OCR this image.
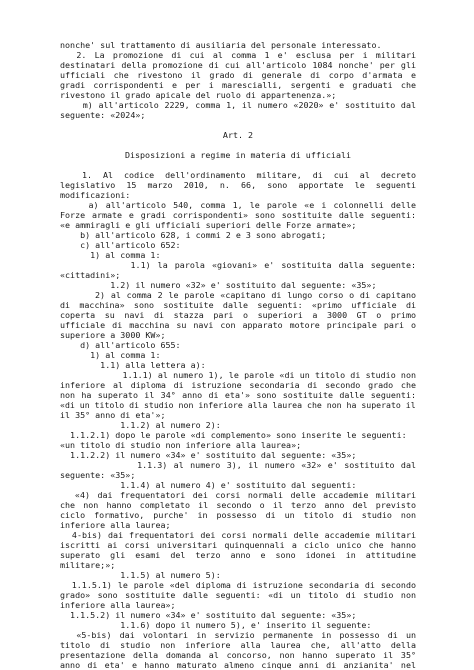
nonche' sul trattamento di ausiliaria del personale interessato.
2. La promozione di cui al comma 1 e' esclusa per i militari
destinatari della promozione di cui all'articolo 1084 nonche' per gli
ufficiali che rivestono il grado di generale di corpo d'armata e
gradi corrispondenti e per i marescialli, sergenti e graduati che
rivestono il grado apicale del ruolo di appartenenza.»;
m) all'articolo 2229, comma 1, il numero «2020» e' sostituito dal
seguente: «2024»;
Art. 2
Disposizioni a regime in materia di ufficiali
1. Al codice dell'ordinamento militare, di cui al decreto
legislativo 15 marzo 2010, n. 66, sono apportate le seguenti
modificazioni:
a) all'articolo 540, comma 1, le parole «e i colonnelli delle
Forze armate e gradi corrispondenti» sono sostituite dalle seguenti:
«e ammiragli e gli ufficiali superiori delle Forze armate»;
b) all'articolo 628, i commi 2 e 3 sono abrogati;
c) all'articolo 652:
1) al comma 1:
1.1) la parola «giovani» e' sostituita dalla seguente:
«cittadini»;
1.2) il numero «32» e' sostituito dal seguente: «35»;
2) al comma 2 le parole «capitano di lungo corso o di capitano
di macchina» sono sostituite dalle seguenti: «primo ufficiale di
coperta su navi di stazza pari o superiori a 3000 GT o primo
ufficiale di macchina su navi con apparato motore principale pari o
superiore a 3000 KW»;
d) all'articolo 655:
1) al comma 1:
1.1) alla lettera a):
1.1.1) al numero 1), le parole «di un titolo di studio non
inferiore al diploma di istruzione secondaria di secondo grado che
non ha superato il 34° anno di eta'» sono sostituite dalle seguenti:
«di un titolo di studio non inferiore alla laurea che non ha superato il
il 35° anno di eta'»;
1.1.2) al numero 2):
1.1.2.1) dopo le parole «di complemento» sono inserite le seguenti:
«un titolo di studio non inferiore alla laurea»;
1.1.2.2) il numero «34» e' sostituito dal seguente: «35»;
1.1.3) al numero 3), il numero «32» e' sostituito dal
seguente: «35»;
1.1.4) al numero 4) e' sostituito dal seguenti:
«4) dai frequentatori dei corsi normali delle accademie militari
che non hanno completato il secondo o il terzo anno del previsto
ciclo formativo, purche' in possesso di un titolo di studio non
inferiore alla laurea;
4-bis) dai frequentatori dei corsi normali delle accademie militari
iscritti ai corsi universitari quinquennali a ciclo unico che hanno
superato gli esami del terzo anno e sono idonei in attitudine
militare;»;
1.1.5) al numero 5):
1.1.5.1) le parole «del diploma di istruzione secondaria di secondo
grado» sono sostituite dalle seguenti: «di un titolo di studio non
inferiore alla laurea»;
1.1.5.2) il numero «34» e' sostituito dal seguente: «35»;
1.1.6) dopo il numero 5), e' inserito il seguente:
«5-bis) dai volontari in servizio permanente in possesso di un
titolo di studio non inferiore alla laurea che, all'atto della
presentazione della domanda al concorso, non hanno superato il 35°
anno di eta' e hanno maturato almeno cinque anni di anzianita' nel
